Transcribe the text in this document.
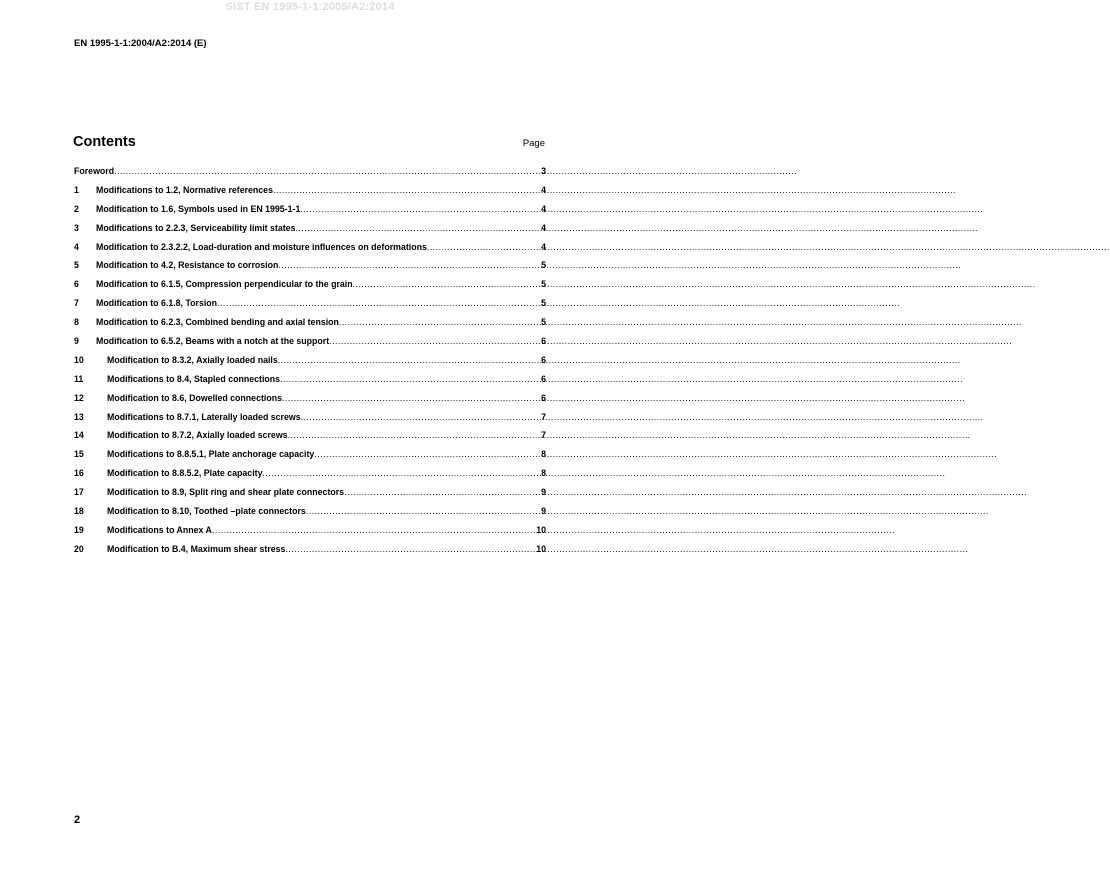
SIST EN 1995-1-1:2005/A2:2014
EN 1995-1-1:2004/A2:2014 (E)
Contents	Page
Foreword .....	3
1	Modifications to 1.2, Normative references .....	4
2	Modification to 1.6, Symbols used in EN 1995-1-1 .....	4
3	Modifications to 2.2.3, Serviceability limit states .....	4
4	Modification to 2.3.2.2, Load-duration and moisture influences on deformations .....	4
5	Modification to 4.2, Resistance to corrosion .....	5
6	Modification to 6.1.5, Compression perpendicular to the grain .....	5
7	Modification to 6.1.8, Torsion .....	5
8	Modification to 6.2.3, Combined bending and axial tension .....	5
9	Modification to 6.5.2, Beams with a notch at the support .....	6
10	Modification to 8.3.2, Axially loaded nails .....	6
11	Modifications to 8.4, Stapled connections .....	6
12	Modification to 8.6, Dowelled connections .....	6
13	Modifications to 8.7.1, Laterally loaded screws .....	7
14	Modification to 8.7.2, Axially loaded screws .....	7
15	Modifications to 8.8.5.1, Plate anchorage capacity .....	8
16	Modification to 8.8.5.2, Plate capacity .....	8
17	Modification to 8.9, Split ring and shear plate connectors .....	9
18	Modification to 8.10, Toothed –plate connectors .....	9
19	Modifications to Annex A .....	10
20	Modification to B.4, Maximum shear stress .....	10
2
